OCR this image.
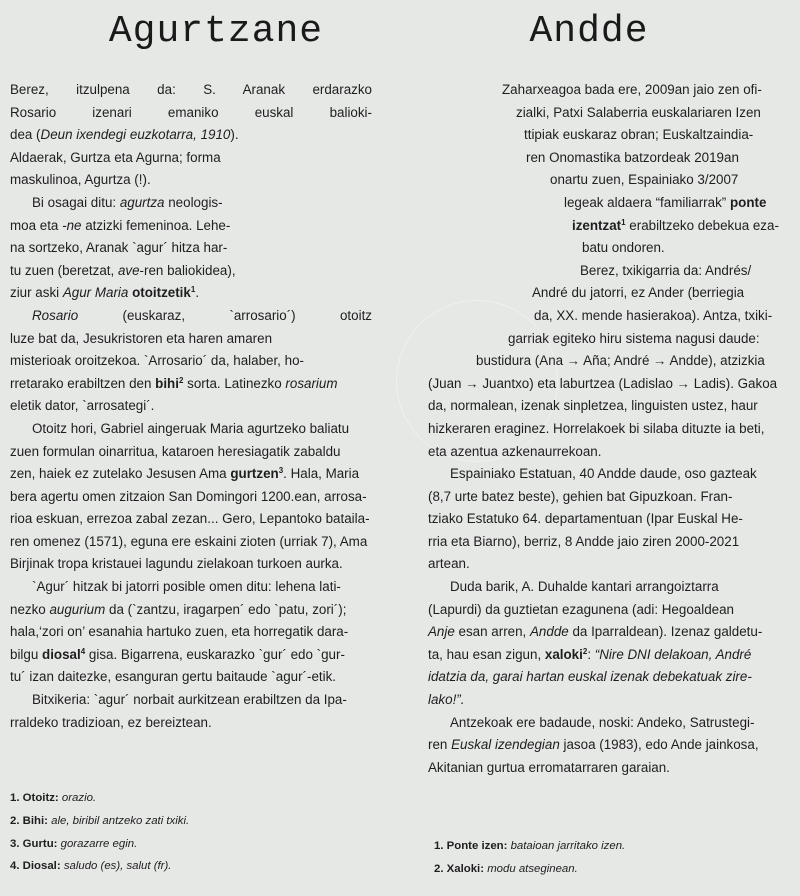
Agurtzane
Berez, itzulpena da: S. Aranak erdarazko
Rosario izenari emaniko euskal balioki-
dea (Deun ixendegi euzkotarra, 1910).
Aldaerak, Gurtza eta Agurna; forma
maskulinoa, Agurtza (!).
Bi osagai ditu: agurtza neologis-
moa eta -ne atzizki femeninoa. Lehe-
na sortzeko, Aranak `agur´ hitza har-
tu zuen (beretzat, ave-ren baliokidea),
ziur aski Agur Maria otoitzetik$^1$.
Rosario (euskaraz, `arrosario´) otoitz
luze bat da, Jesukristoren eta haren amaren
misterioak oroitzekoa. `Arrosario´ da, halaber, ho-
rretarako erabiltzen den bihi$^2$ sorta. Latinezko rosarium
eletik dator, `arrosategi´.
Otoitz hori, Gabriel aingeruak Maria agurtzeko baliatu
zuen formulan oinarritua, kataroen heresiagatik zabaldu
zen, haiek ez zutelako Jesusen Ama gurtzen$^3$. Hala, Maria
bera agertu omen zitzaion San Domingori 1200.ean, arrosa-
rioa eskuan, errezoa zabal zezan... Gero, Lepantoko bataila-
ren omenez (1571), eguna ere eskaini zioten (urriak 7), Ama
Birjinak tropa kristauei lagundu zielakoan turkoen aurka.
`Agur´ hitzak bi jatorri posible omen ditu: lehena lati-
nezko augurium da (`zantzu, iragarpen´ edo `patu, zori´);
hala,‘zori on’ esanahia hartuko zuen, eta horregatik dara-
bilgu diosal$^4$ gisa. Bigarrena, euskarazko `gur´ edo `gur-
tu´ izan daitezke, esanguran gertu baitaude `agur´-etik.
Bitxikeria: `agur´ norbait aurkitzean erabiltzen da Ipa-
rraldeko tradizioan, ez bereiztean.
1. Otoitz: orazio.
2. Bihi: ale, biribil antzeko zati txiki.
3. Gurtu: gorazarre egin.
4. Diosal: saludo (es), salut (fr).
Andde
Zaharxeagoa bada ere, 2009an jaio zen ofi-
zialki, Patxi Salaberria euskalariaren Izen
ttipiak euskaraz obran; Euskaltzaindia-
ren Onomastika batzordeak 2019an
onartu zuen, Espainiako 3/2007
legeak aldaera “familiarrak” ponte
izentzat$^1$ erabiltzeko debekua eza-
batu ondoren.
Berez, txikigarria da: Andrés/
André du jatorri, ez Ander (berriegia
da, XX. mende hasierakoa). Antza, txiki-
garriak egiteko hiru sistema nagusi daude:
bustidura (Ana → Aña; André → Andde), atzizkia
(Juan → Juantxo) eta laburtzea (Ladislao → Ladis). Gakoa
da, normalean, izenak sinpletzea, linguisten ustez, haur
hizkeraren eraginez. Horrelakoek bi silaba dituzte ia beti,
eta azentua azkenaurrekoan.
Espainiako Estatuan, 40 Andde daude, oso gazteak
(8,7 urte batez beste), gehien bat Gipuzkoan. Fran-
tziako Estatuko 64. departamentuan (Ipar Euskal He-
rria eta Biarno), berriz, 8 Andde jaio ziren 2000-2021
artean.
Duda barik, A. Duhalde kantari arrangoiztarra
(Lapurdi) da guztietan ezagunena (adi: Hegoaldean
Anje esan arren, Andde da Iparraldean). Izenaz galdetu-
ta, hau esan zigun, xaloki$^2$: “Nire DNI delakoan, André
idatzia da, garai hartan euskal izenak debekatuak zire-
lako!”.
Antzekoak ere badaude, noski: Andeko, Satrustegi-
ren Euskal izendegian jasoa (1983), edo Ande jainkosa,
Akitanian gurtua erromatarraren garaian.
1. Ponte izen: bataioan jarritako izen.
2. Xaloki: modu atseginean.
